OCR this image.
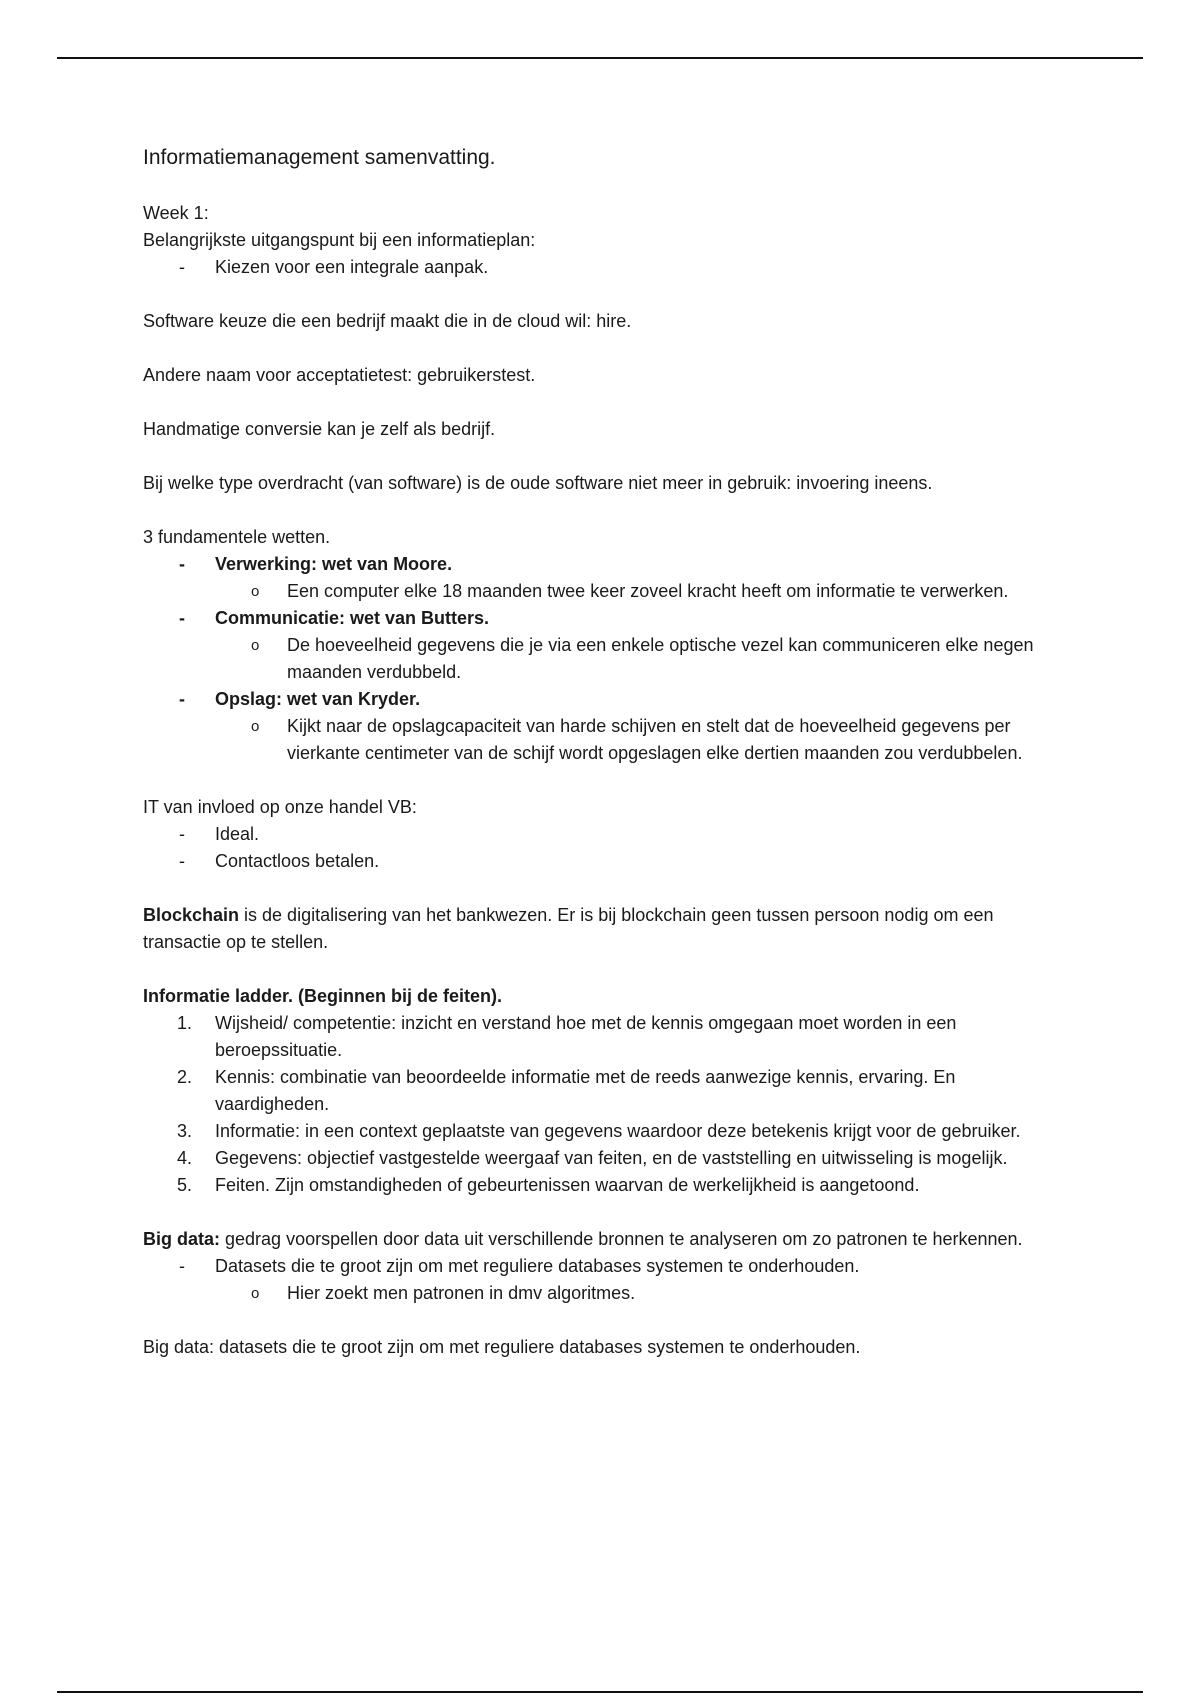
Informatiemanagement samenvatting.

Week 1:

Belangrijkste uitgangspunt bij een informatieplan:

-	Kiezen voor een integrale aanpak.

Software keuze die een bedrijf maakt die in de cloud wil: hire.

Andere naam voor acceptatietest: gebruikerstest.

Handmatige conversie kan je zelf als bedrijf.

Bij welke type overdracht (van software) is de oude software niet meer in gebruik: invoering ineens.

3 fundamentele wetten.

-	Verwerking: wet van Moore.
o	Een computer elke 18 maanden twee keer zoveel kracht heeft om informatie te verwerken.
-	Communicatie: wet van Butters.
o	De hoeveelheid gegevens die je via een enkele optische vezel kan communiceren elke negen maanden verdubbeld.
-	Opslag: wet van Kryder.
o	Kijkt naar de opslagcapaciteit van harde schijven en stelt dat de hoeveelheid gegevens per vierkante centimeter van de schijf wordt opgeslagen elke dertien maanden zou verdubbelen.

IT van invloed op onze handel VB:

-	Ideal.
-	Contactloos betalen.

Blockchain is de digitalisering van het bankwezen. Er is bij blockchain geen tussen persoon nodig om een transactie op te stellen.

Informatie ladder. (Beginnen bij de feiten).

1.	Wijsheid/ competentie: inzicht en verstand hoe met de kennis omgegaan moet worden in een beroepssituatie.
2.	Kennis: combinatie van beoordeelde informatie met de reeds aanwezige kennis, ervaring. En vaardigheden.
3.	Informatie: in een context geplaatste van gegevens waardoor deze betekenis krijgt voor de gebruiker.
4.	Gegevens: objectief vastgestelde weergaaf van feiten, en de vaststelling en uitwisseling is mogelijk.
5.	Feiten. Zijn omstandigheden of gebeurtenissen waarvan de werkelijkheid is aangetoond.

Big data: gedrag voorspellen door data uit verschillende bronnen te analyseren om zo patronen te herkennen.

-	Datasets die te groot zijn om met reguliere databases systemen te onderhouden.
o	Hier zoekt men patronen in dmv algoritmes.

Big data: datasets die te groot zijn om met reguliere databases systemen te onderhouden.
